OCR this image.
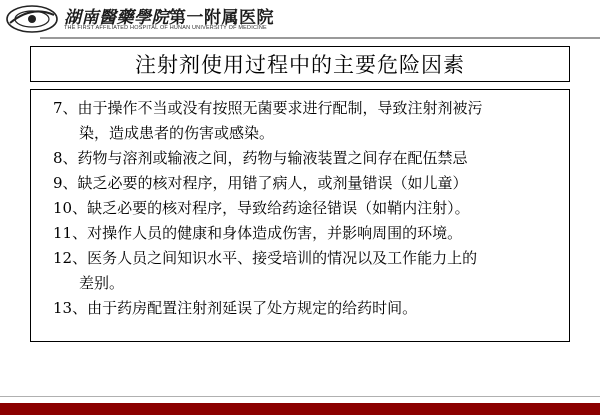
湖南醫藥學院第一附属医院
THE FIRST AFFILIATED HOSPITAL OF HUNAN UNIVERSITY OF MEDICINE
注射剂使用过程中的主要危险因素
7、由于操作不当或没有按照无菌要求进行配制，导致注射剂被污
染，造成患者的伤害或感染。
8、药物与溶剂或输液之间，药物与输液装置之间存在配伍禁忌
9、缺乏必要的核对程序，用错了病人，或剂量错误（如儿童）
10、缺乏必要的核对程序，导致给药途径错误（如鞘内注射）。
11、对操作人员的健康和身体造成伤害，并影响周围的环境。
12、医务人员之间知识水平、接受培训的情况以及工作能力上的
差别。
13、由于药房配置注射剂延误了处方规定的给药时间。
